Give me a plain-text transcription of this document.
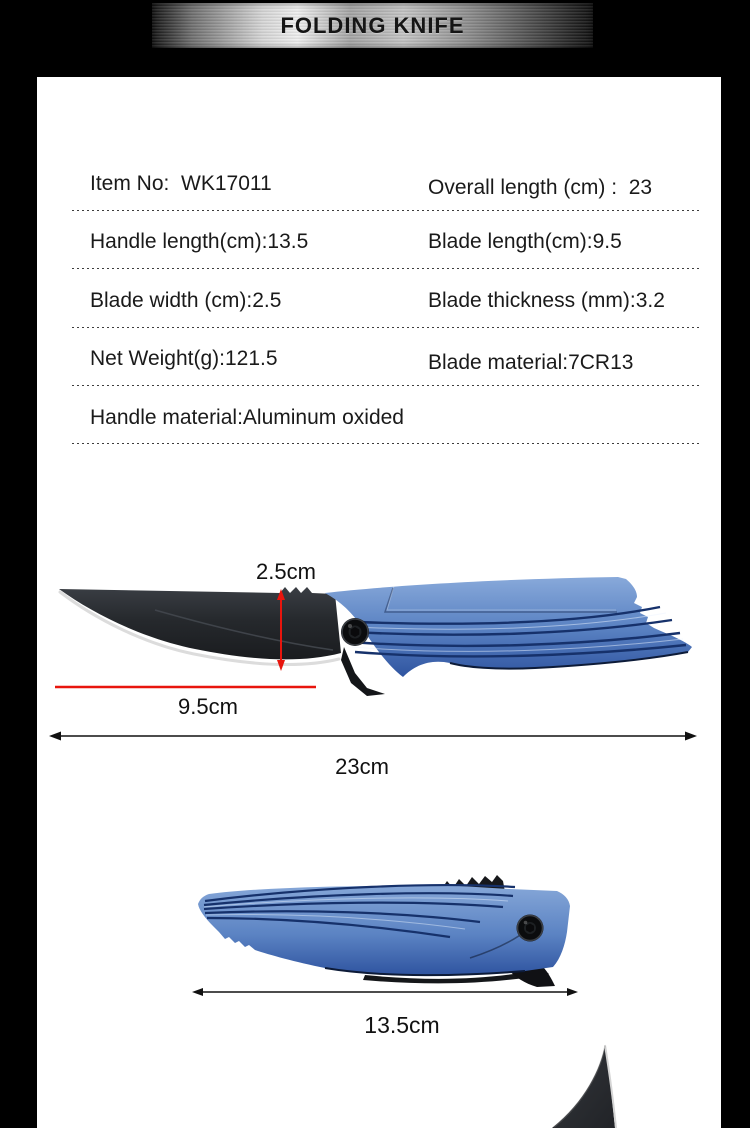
FOLDING KNIFE
Item No:  WK17011	Overall length (cm) :  23
Handle length(cm):13.5	Blade length(cm):9.5
Blade width (cm):2.5	Blade thickness (mm):3.2
Net Weight(g):121.5	Blade material:7CR13
Handle material:Aluminum oxided
2.5cm
9.5cm
23cm
13.5cm
